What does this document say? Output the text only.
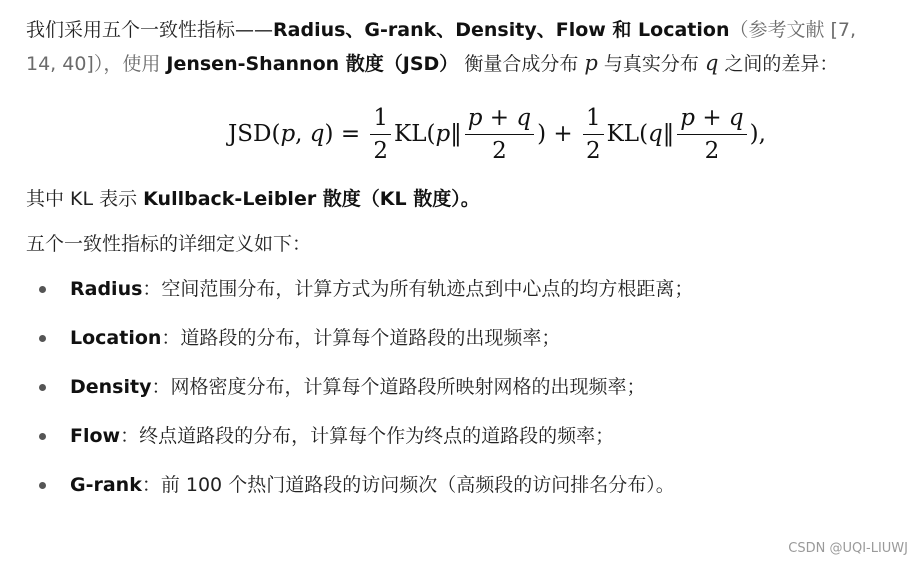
我们采用五个一致性指标——Radius、G-rank、Density、Flow 和 Location（参考文献 [7, 14, 40]），使用 Jensen-Shannon 散度（JSD） 衡量合成分布 p 与真实分布 q 之间的差异：

JSD(p, $q) = \frac{1}{2}$ KL(p‖ $\frac{p + q}{2}$ ) + $\frac{1}{2}$ KL(q‖ $\frac{p + q}{2}$ ),

其中 KL 表示 Kullback-Leibler 散度（KL 散度）。

五个一致性指标的详细定义如下：

Radius：空间范围分布，计算方式为所有轨迹点到中心点的均方根距离；
Location：道路段的分布，计算每个道路段的出现频率；
Density：网格密度分布，计算每个道路段所映射网格的出现频率；
Flow：终点道路段的分布，计算每个作为终点的道路段的频率；
G-rank：前 100 个热门道路段的访问频次（高频段的访问排名分布）。
CSDN @UQI-LIUWJ
